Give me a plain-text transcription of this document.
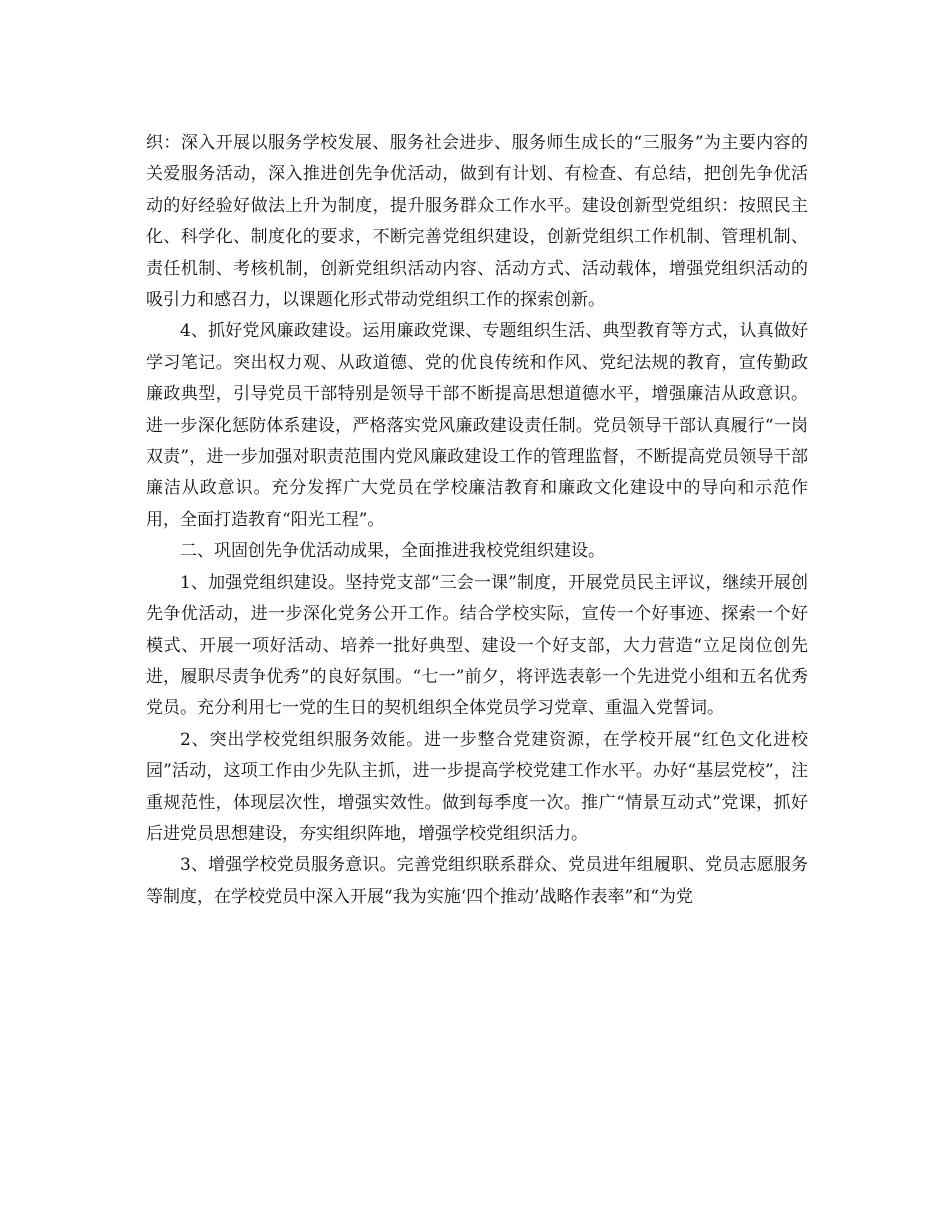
织：深入开展以服务学校发展、服务社会进步、服务师生成长的“三服务”为主要内容的关爱服务活动，深入推进创先争优活动，做到有计划、有检查、有总结，把创先争优活动的好经验好做法上升为制度，提升服务群众工作水平。建设创新型党组织：按照民主化、科学化、制度化的要求，不断完善党组织建设，创新党组织工作机制、管理机制、责任机制、考核机制，创新党组织活动内容、活动方式、活动载体，增强党组织活动的吸引力和感召力，以课题化形式带动党组织工作的探索创新。

4、抓好党风廉政建设。运用廉政党课、专题组织生活、典型教育等方式，认真做好学习笔记。突出权力观、从政道德、党的优良传统和作风、党纪法规的教育，宣传勤政廉政典型，引导党员干部特别是领导干部不断提高思想道德水平，增强廉洁从政意识。进一步深化惩防体系建设，严格落实党风廉政建设责任制。党员领导干部认真履行“一岗双责”，进一步加强对职责范围内党风廉政建设工作的管理监督，不断提高党员领导干部廉洁从政意识。充分发挥广大党员在学校廉洁教育和廉政文化建设中的导向和示范作用，全面打造教育“阳光工程”。

二、巩固创先争优活动成果，全面推进我校党组织建设。

1、加强党组织建设。坚持党支部“三会一课”制度，开展党员民主评议，继续开展创先争优活动，进一步深化党务公开工作。结合学校实际，宣传一个好事迹、探索一个好模式、开展一项好活动、培养一批好典型、建设一个好支部，大力营造“立足岗位创先进，履职尽责争优秀”的良好氛围。“七一”前夕，将评选表彰一个先进党小组和五名优秀党员。充分利用七一党的生日的契机组织全体党员学习党章、重温入党誓词。

2、突出学校党组织服务效能。进一步整合党建资源，在学校开展“红色文化进校园”活动，这项工作由少先队主抓，进一步提高学校党建工作水平。办好“基层党校”，注重规范性，体现层次性，增强实效性。做到每季度一次。推广“情景互动式”党课，抓好后进党员思想建设，夯实组织阵地，增强学校党组织活力。

3、增强学校党员服务意识。完善党组织联系群众、党员进年组履职、党员志愿服务等制度，在学校党员中深入开展“我为实施‘四个推动’战略作表率”和“为党
